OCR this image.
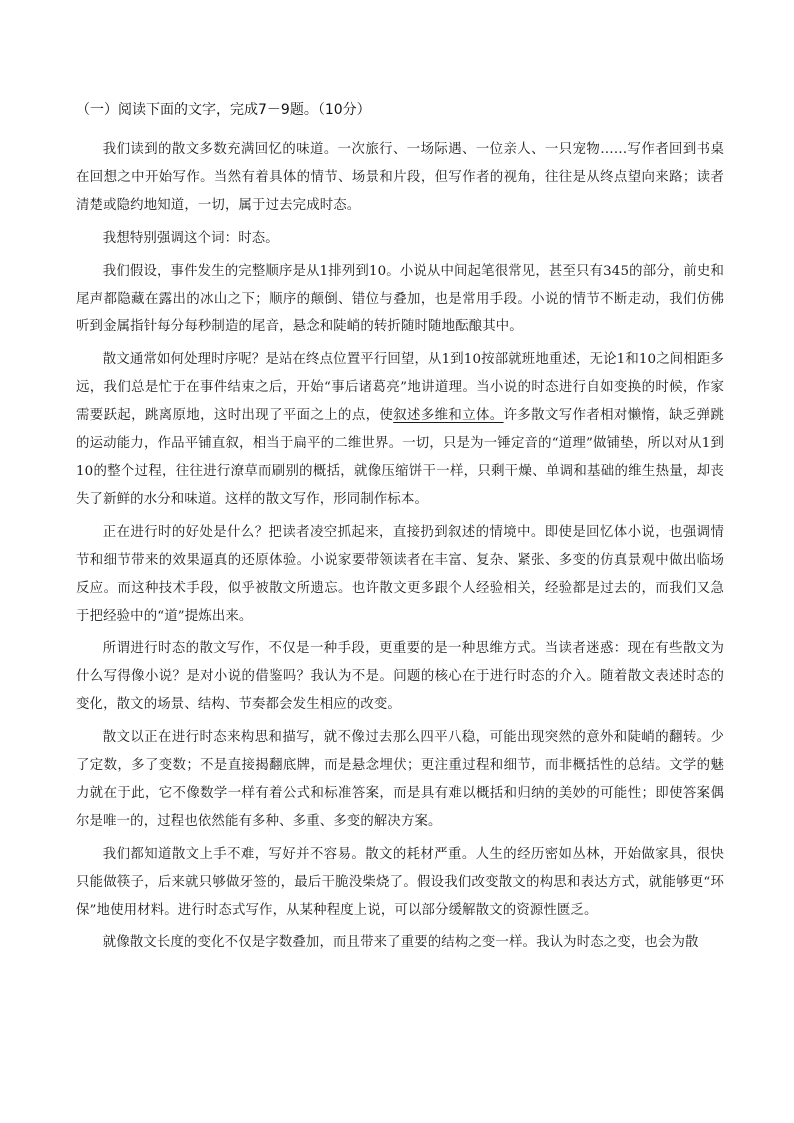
（一）阅读下面的文字，完成7－9题。（10分）

我们读到的散文多数充满回忆的味道。一次旅行、一场际遇、一位亲人、一只宠物……写作者回到书桌在回想之中开始写作。当然有着具体的情节、场景和片段，但写作者的视角，往往是从终点望向来路；读者清楚或隐约地知道，一切，属于过去完成时态。

我想特别强调这个词：时态。

我们假设，事件发生的完整顺序是从1排列到10。小说从中间起笔很常见，甚至只有345的部分，前史和尾声都隐藏在露出的冰山之下；顺序的颠倒、错位与叠加，也是常用手段。小说的情节不断走动，我们仿佛听到金属指针每分每秒制造的尾音，悬念和陡峭的转折随时随地酝酿其中。

散文通常如何处理时序呢？是站在终点位置平行回望，从1到10按部就班地重述，无论1和10之间相距多远，我们总是忙于在事件结束之后，开始“事后诸葛亮”地讲道理。当小说的时态进行自如变换的时候，作家需要跃起，跳离原地，这时出现了平面之上的点，使叙述多维和立体。许多散文写作者相对懒惰，缺乏弹跳的运动能力，作品平铺直叙，相当于扁平的二维世界。一切，只是为一锤定音的“道理”做铺垫，所以对从1到10的整个过程，往往进行潦草而刷别的概括，就像压缩饼干一样，只剩干燥、单调和基础的维生热量，却丧失了新鲜的水分和味道。这样的散文写作，形同制作标本。

正在进行时的好处是什么？把读者凌空抓起来，直接扔到叙述的情境中。即使是回忆体小说，也强调情节和细节带来的效果逼真的还原体验。小说家要带领读者在丰富、复杂、紧张、多变的仿真景观中做出临场反应。而这种技术手段，似乎被散文所遗忘。也许散文更多跟个人经验相关，经验都是过去的，而我们又急于把经验中的“道”提炼出来。

所谓进行时态的散文写作，不仅是一种手段，更重要的是一种思维方式。当读者迷惑：现在有些散文为什么写得像小说？是对小说的借鉴吗？我认为不是。问题的核心在于进行时态的介入。随着散文表述时态的变化，散文的场景、结构、节奏都会发生相应的改变。

散文以正在进行时态来构思和描写，就不像过去那么四平八稳，可能出现突然的意外和陡峭的翻转。少了定数，多了变数；不是直接揭翻底牌，而是悬念埋伏；更注重过程和细节，而非概括性的总结。文学的魅力就在于此，它不像数学一样有着公式和标准答案，而是具有难以概括和归纳的美妙的可能性；即使答案偶尔是唯一的，过程也依然能有多种、多重、多变的解决方案。

我们都知道散文上手不难，写好并不容易。散文的耗材严重。人生的经历密如丛林，开始做家具，很快只能做筷子，后来就只够做牙签的，最后干脆没柴烧了。假设我们改变散文的构思和表达方式，就能够更“环保”地使用材料。进行时态式写作，从某种程度上说，可以部分缓解散文的资源性匮乏。

就像散文长度的变化不仅是字数叠加，而且带来了重要的结构之变一样。我认为时态之变，也会为散
